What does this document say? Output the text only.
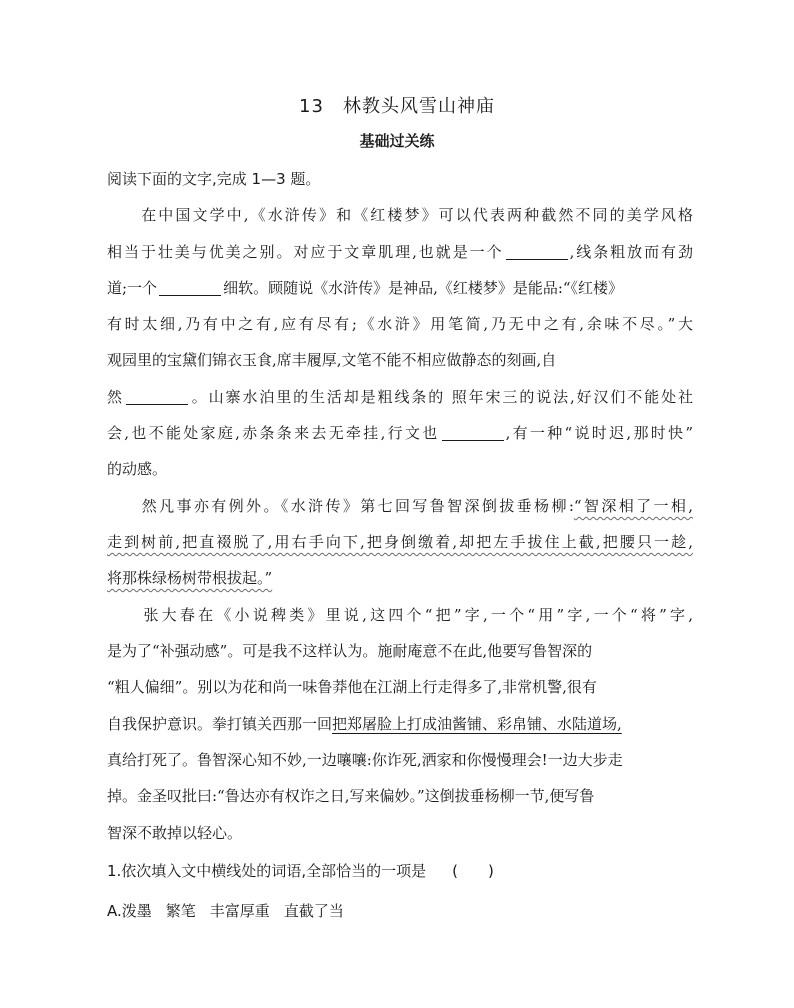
13　林教头风雪山神庙
基础过关练
阅读下面的文字,完成 1—3 题。
　　在中国文学中,《水浒传》和《红楼梦》可以代表两种截然不同的美学风格
相当于壮美与优美之别。对应于文章肌理,也就是一个	,线条粗放而有劲
道;一个	细软。顾随说《水浒传》是神品,《红楼梦》是能品:“《红楼》
有时太细,乃有中之有,应有尽有;《水浒》用笔简,乃无中之有,余味不尽。”大
观园里的宝黛们锦衣玉食,席丰履厚,文笔不能不相应做静态的刻画,自
然	。山寨水泊里的生活却是粗线条的 照年宋三的说法,好汉们不能处社
会,也不能处家庭,赤条条来去无牵挂,行文也	,有一种“说时迟,那时快”
的动感。
　　然凡事亦有例外。《水浒传》第七回写鲁智深倒拔垂杨柳:“智深相了一相,
走到树前,把直裰脱了,用右手向下,把身倒缴着,却把左手拔住上截,把腰只一趁,
将那株绿杨树带根拔起。”
　　张大春在《小说稗类》里说,这四个“把”字,一个“用”字,一个“将”字,
是为了“补强动感”。可是我不这样认为。施耐庵意不在此,他要写鲁智深的
“粗人偏细”。别以为花和尚一味鲁莽他在江湖上行走得多了,非常机警,很有
自我保护意识。拳打镇关西那一回把郑屠脸上打成油酱铺、彩帛铺、水陆道场,
真给打死了。鲁智深心知不妙,一边嚷嚷:你诈死,洒家和你慢慢理会!一边大步走
掉。金圣叹批曰:“鲁达亦有权诈之日,写来偏妙。”这倒拔垂杨柳一节,便写鲁
智深不敢掉以轻心。
1.依次填入文中横线处的词语,全部恰当的一项是 (　　)
A.泼墨 繁笔 丰富厚重 直截了当
